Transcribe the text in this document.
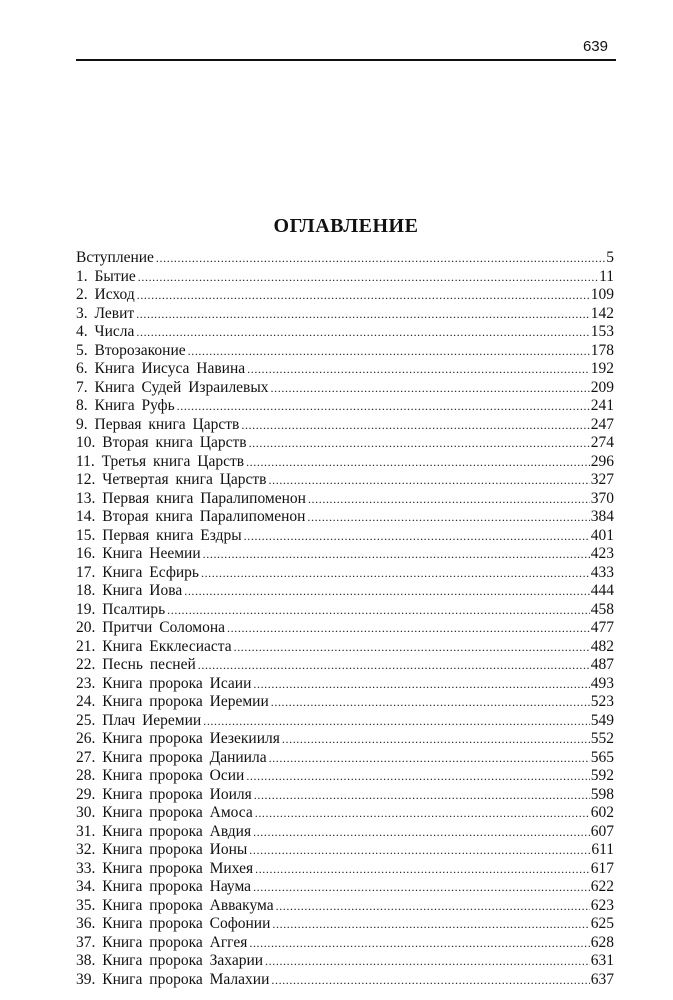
639
ОГЛАВЛЕНИЕ
Вступление .....	5
1. Бытие .....	11
2. Исход .....	109
3. Левит .....	142
4. Числа .....	153
5. Второзаконие .....	178
6. Книга Иисуса Навина .....	192
7. Книга Судей Израилевых .....	209
8. Книга Руфь .....	241
9. Первая книга Царств .....	247
10. Вторая книга Царств .....	274
11. Третья книга Царств .....	296
12. Четвертая книга Царств .....	327
13. Первая книга Паралипоменон .....	370
14. Вторая книга Паралипоменон .....	384
15. Первая книга Ездры .....	401
16. Книга Неемии .....	423
17. Книга Есфирь .....	433
18. Книга Иова .....	444
19. Псалтирь .....	458
20. Притчи Соломона .....	477
21. Книга Екклесиаста .....	482
22. Песнь песней .....	487
23. Книга пророка Исаии .....	493
24. Книга пророка Иеремии .....	523
25. Плач Иеремии .....	549
26. Книга пророка Иезекииля .....	552
27. Книга пророка Даниила .....	565
28. Книга пророка Осии .....	592
29. Книга пророка Иоиля .....	598
30. Книга пророка Амоса .....	602
31. Книга пророка Авдия .....	607
32. Книга пророка Ионы .....	611
33. Книга пророка Михея .....	617
34. Книга пророка Наума .....	622
35. Книга пророка Аввакума .....	623
36. Книга пророка Софонии .....	625
37. Книга пророка Аггея .....	628
38. Книга пророка Захарии .....	631
39. Книга пророка Малахии .....	637
